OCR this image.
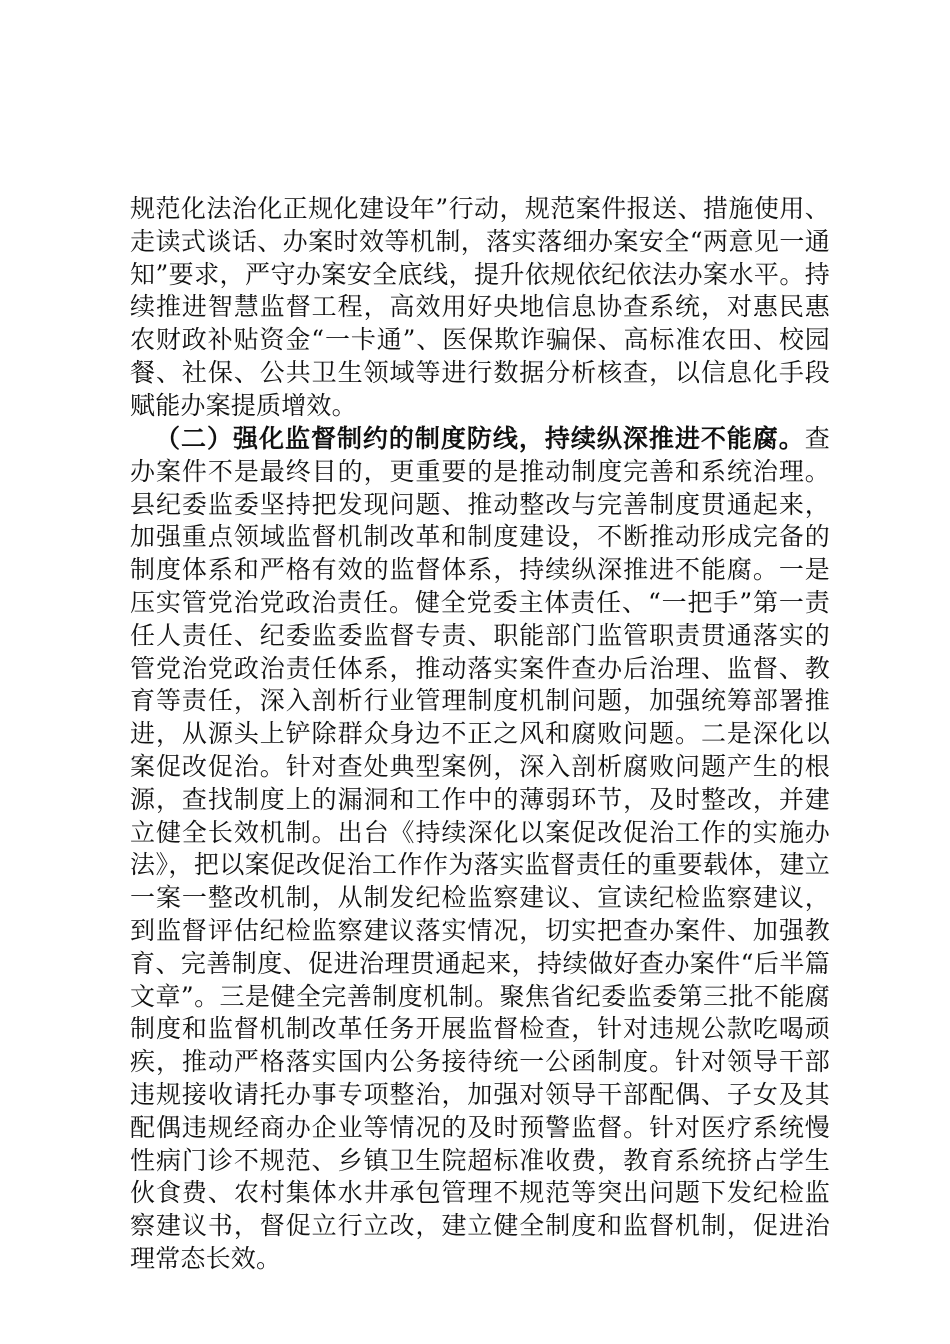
规范化法治化正规化建设年”行动，规范案件报送、措施使用、走读式谈话、办案时效等机制，落实落细办案安全“两意见一通知”要求，严守办案安全底线，提升依规依纪依法办案水平。持续推进智慧监督工程，高效用好央地信息协查系统，对惠民惠农财政补贴资金“一卡通”、医保欺诈骗保、高标准农田、校园餐、社保、公共卫生领域等进行数据分析核查，以信息化手段赋能办案提质增效。

（二）强化监督制约的制度防线，持续纵深推进不能腐。查办案件不是最终目的，更重要的是推动制度完善和系统治理。县纪委监委坚持把发现问题、推动整改与完善制度贯通起来，加强重点领域监督机制改革和制度建设，不断推动形成完备的制度体系和严格有效的监督体系，持续纵深推进不能腐。一是压实管党治党政治责任。健全党委主体责任、“一把手”第一责任人责任、纪委监委监督专责、职能部门监管职责贯通落实的管党治党政治责任体系，推动落实案件查办后治理、监督、教育等责任，深入剖析行业管理制度机制问题，加强统筹部署推进，从源头上铲除群众身边不正之风和腐败问题。二是深化以案促改促治。针对查处典型案例，深入剖析腐败问题产生的根源，查找制度上的漏洞和工作中的薄弱环节，及时整改，并建立健全长效机制。出台《持续深化以案促改促治工作的实施办法》，把以案促改促治工作作为落实监督责任的重要载体，建立一案一整改机制，从制发纪检监察建议、宣读纪检监察建议，到监督评估纪检监察建议落实情况，切实把查办案件、加强教育、完善制度、促进治理贯通起来，持续做好查办案件“后半篇文章”。三是健全完善制度机制。聚焦省纪委监委第三批不能腐制度和监督机制改革任务开展监督检查，针对违规公款吃喝顽疾，推动严格落实国内公务接待统一公函制度。针对领导干部违规接收请托办事专项整治，加强对领导干部配偶、子女及其配偶违规经商办企业等情况的及时预警监督。针对医疗系统慢性病门诊不规范、乡镇卫生院超标准收费，教育系统挤占学生伙食费、农村集体水井承包管理不规范等突出问题下发纪检监察建议书，督促立行立改，建立健全制度和监督机制，促进治理常态长效。
